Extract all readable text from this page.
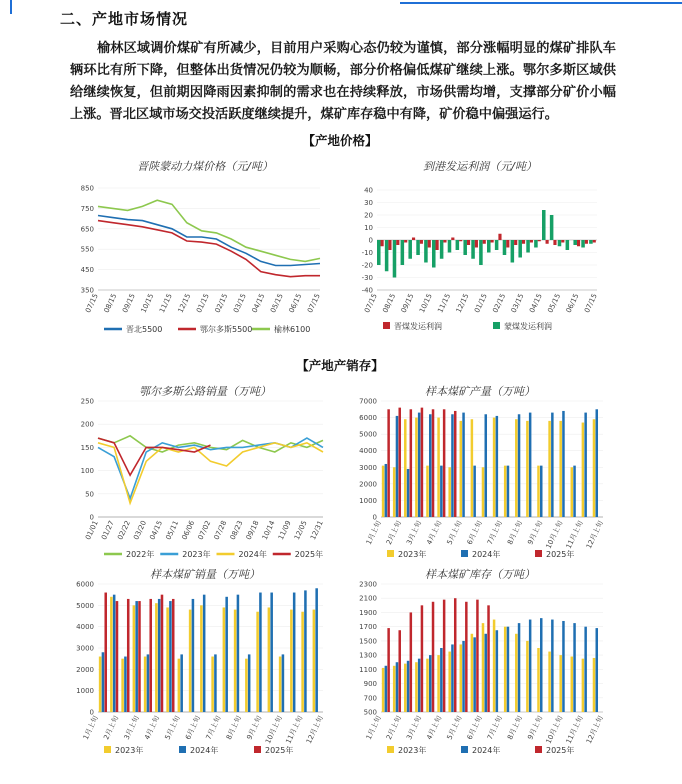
二、产地市场情况
榆林区域调价煤矿有所减少，目前用户采购心态仍较为谨慎，部分涨幅明显的煤矿排队车辆环比有所下降，但整体出货情况仍较为顺畅，部分价格偏低煤矿继续上涨。鄂尔多斯区域供给继续恢复，但前期因降雨因素抑制的需求也在持续释放，市场供需均增，支撑部分矿价小幅上涨。晋北区域市场交投活跃度继续提升，煤矿库存稳中有降，矿价稳中偏强运行。
【产地价格】
【产地产销存】
晋陕蒙动力煤价格（元/吨）	到港发运利润（元/吨）
鄂尔多斯公路销量（万吨）	样本煤矿产量（万吨）
样本煤矿销量（万吨）	样本煤矿库存（万吨）
350
450
550
650
750
850
07/15 08/15 09/15 10/15 11/15 12/15 01/15 02/15 03/15 04/15 05/15 06/15 07/15
晋北5500	鄂尔多斯5500	榆林6100
-40
-30
-20
-10
0
10
20
30
40
07/15 08/15 09/15 10/15 11/15 12/15 01/15 02/15 03/15 04/15 05/15 06/15 07/15
晋煤发运利润	蒙煤发运利润
0
50
100
150
200
250
01/01 01/27 02/22 03/20 04/15 05/11 06/06 07/02 07/28 08/23 09/18 10/14 11/09 12/05 12/31
2022年	2023年	2024年	2025年
0
1000
2000
3000
4000
5000
6000
7000
1月上旬 2月上旬 3月上旬 4月上旬 5月上旬 6月上旬 7月上旬 8月上旬 9月上旬 10月上旬 11月上旬 12月上旬
2023年	2024年	2025年
0
1000
2000
3000
4000
5000
6000
1月上旬 2月上旬 3月上旬 4月上旬 5月上旬 6月上旬 7月上旬 8月上旬 9月上旬 10月上旬 11月上旬 12月上旬
2023年	2024年	2025年
500
700
900
1100
1300
1500
1700
1900
2100
2300
1月上旬 2月上旬 3月上旬 4月上旬 5月上旬 6月上旬 7月上旬 8月上旬 9月上旬 10月上旬 11月上旬 12月上旬
2023年	2024年	2025年
